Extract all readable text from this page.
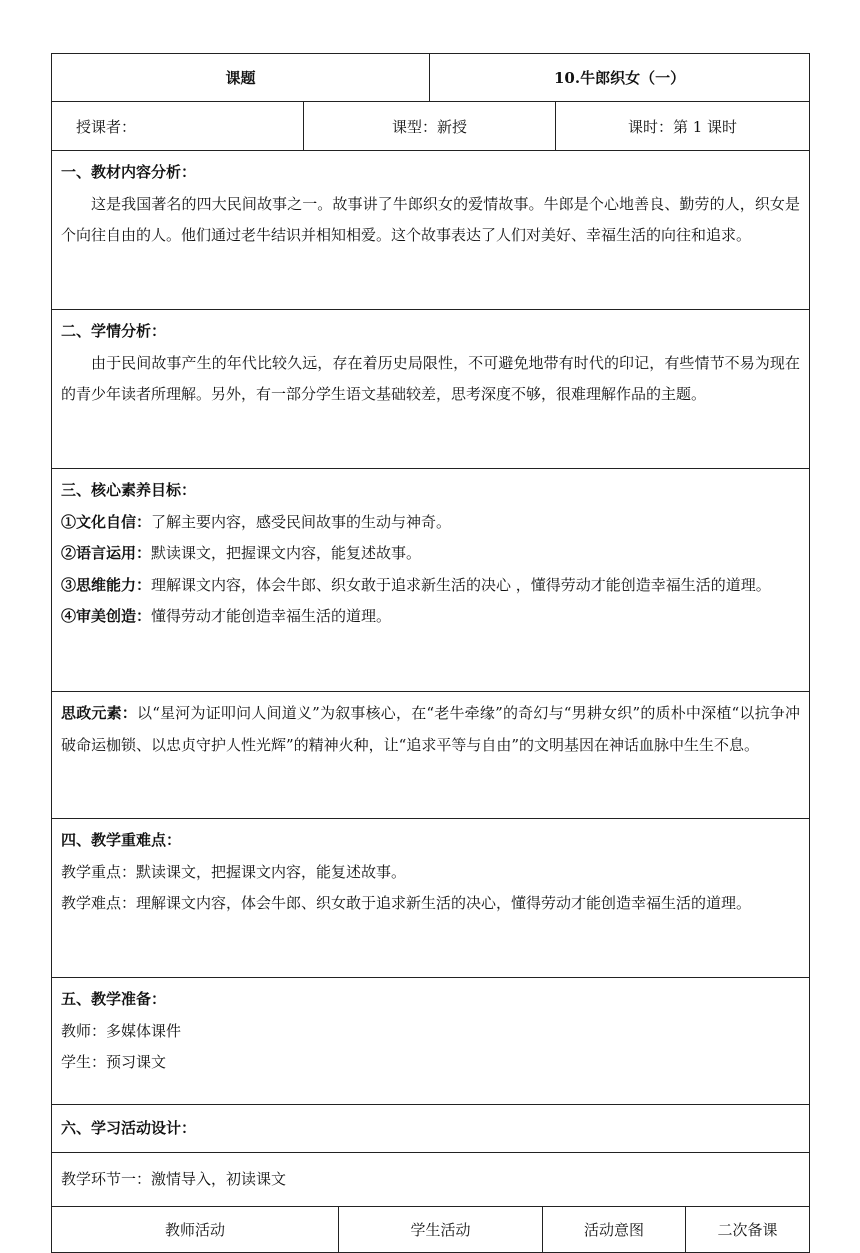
课题		10.牛郎织女（一）	
授课者：	课型：新授		课时：第 1 课时

一、教材内容分析：

这是我国著名的四大民间故事之一。故事讲了牛郎织女的爱情故事。牛郎是个心地善良、勤劳的人，织女是个向往自由的人。他们通过老牛结识并相知相爱。这个故事表达了人们对美好、幸福生活的向往和追求。			

二、学情分析：

由于民间故事产生的年代比较久远，存在着历史局限性，不可避免地带有时代的印记，有些情节不易为现在的青少年读者所理解。另外，有一部分学生语文基础较差，思考深度不够，很难理解作品的主题。			

三、核心素养目标：

①文化自信：了解主要内容，感受民间故事的生动与神奇。

②语言运用：默读课文，把握课文内容，能复述故事。

③思维能力：理解课文内容，体会牛郎、织女敢于追求新生活的决心 ，懂得劳动才能创造幸福生活的道理。

④审美创造：懂得劳动才能创造幸福生活的道理。			

思政元素：以“星河为证叩问人间道义”为叙事核心，在“老牛牵缘”的奇幻与“男耕女织”的质朴中深植“以抗争冲破命运枷锁、以忠贞守护人性光辉”的精神火种，让“追求平等与自由”的文明基因在神话血脉中生生不息。			

四、教学重难点：

教学重点：默读课文，把握课文内容，能复述故事。

教学难点：理解课文内容，体会牛郎、织女敢于追求新生活的决心，懂得劳动才能创造幸福生活的道理。			

五、教学准备：

教师：多媒体课件

学生：预习课文			

六、学习活动设计：			

教学环节一：激情导入，初读课文			

教师活动	学生活动	活动意图	二次备课
